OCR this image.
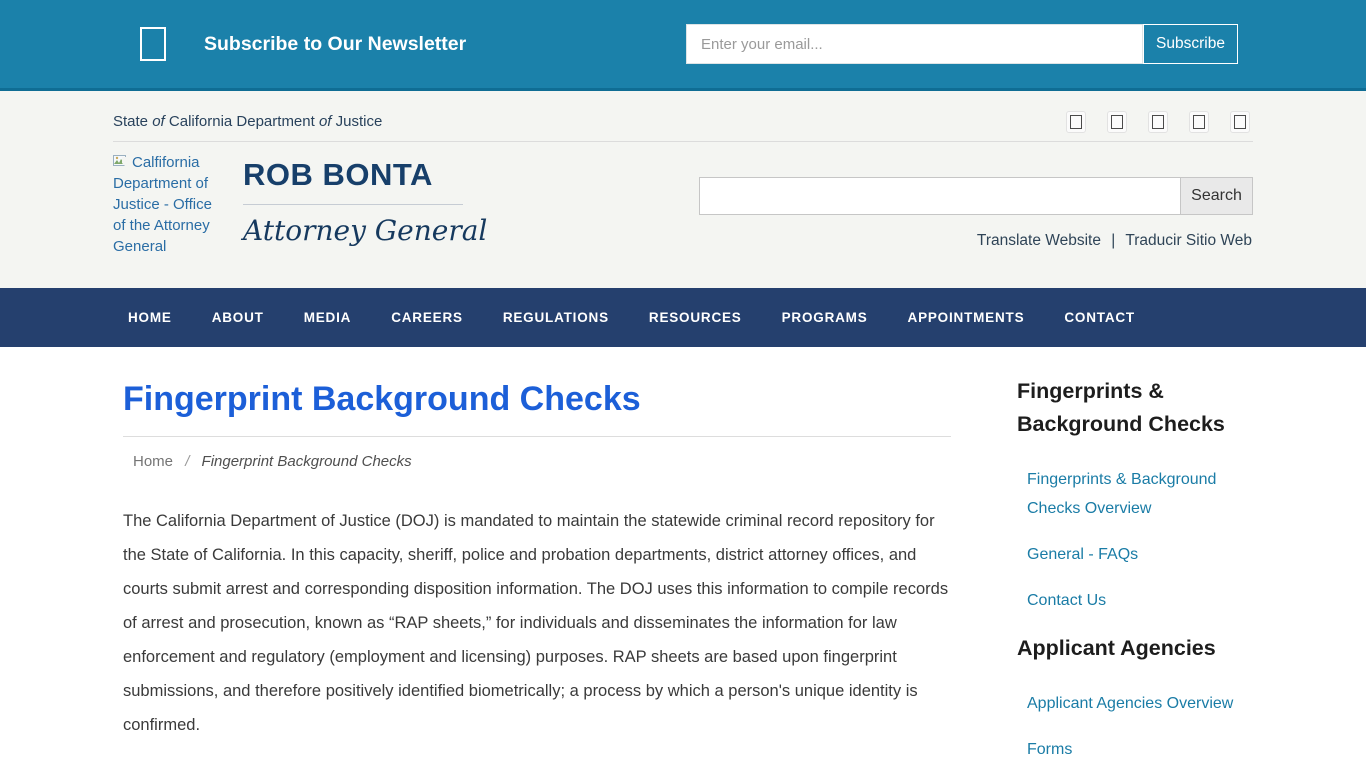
Subscribe to Our Newsletter
Enter your email...	Subscribe
State of California Department of Justice
Calfifornia Department of Justice - Office of the Attorney General
ROB BONTA
Attorney General
Search
Translate Website | Traducir Sitio Web
HOME	ABOUT	MEDIA	CAREERS	REGULATIONS	RESOURCES	PROGRAMS	APPOINTMENTS	CONTACT
Fingerprint Background Checks
Home / Fingerprint Background Checks

The California Department of Justice (DOJ) is mandated to maintain the statewide criminal record repository for the State of California. In this capacity, sheriff, police and probation departments, district attorney offices, and courts submit arrest and corresponding disposition information. The DOJ uses this information to compile records of arrest and prosecution, known as “RAP sheets,” for individuals and disseminates the information for law enforcement and regulatory (employment and licensing) purposes. RAP sheets are based upon fingerprint submissions, and therefore positively identified biometrically; a process by which a person's unique identity is confirmed.

Fingerprints & Background Checks
Fingerprints & Background Checks Overview
General - FAQs
Contact Us
Applicant Agencies
Applicant Agencies Overview
Forms
